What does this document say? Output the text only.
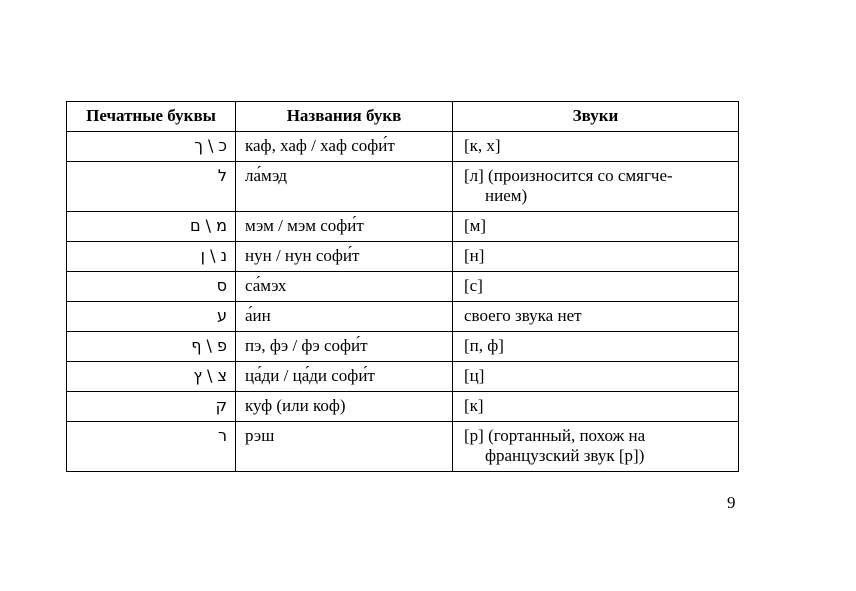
Печатные буквы	Названия букв	Звуки
כ \ ך	каф, хаф / хаф софи́т	[к, х]
ל	ла́мэд	[л] (произносится со смягче-
нием)

מ \ ם	мэм / мэм софи́т	[м]
נ \ ן	нун / нун софи́т	[н]
ס	са́мэх	[с]
ע	а́ин	своего звука нет
פ \ ף	пэ, фэ / фэ софи́т	[п, ф]
צ \ ץ	ца́ди / ца́ди софи́т	[ц]
ק	куф (или коф)	[к]
ר	рэш	[р] (гортанный, похож на
французский звук [р])
9
